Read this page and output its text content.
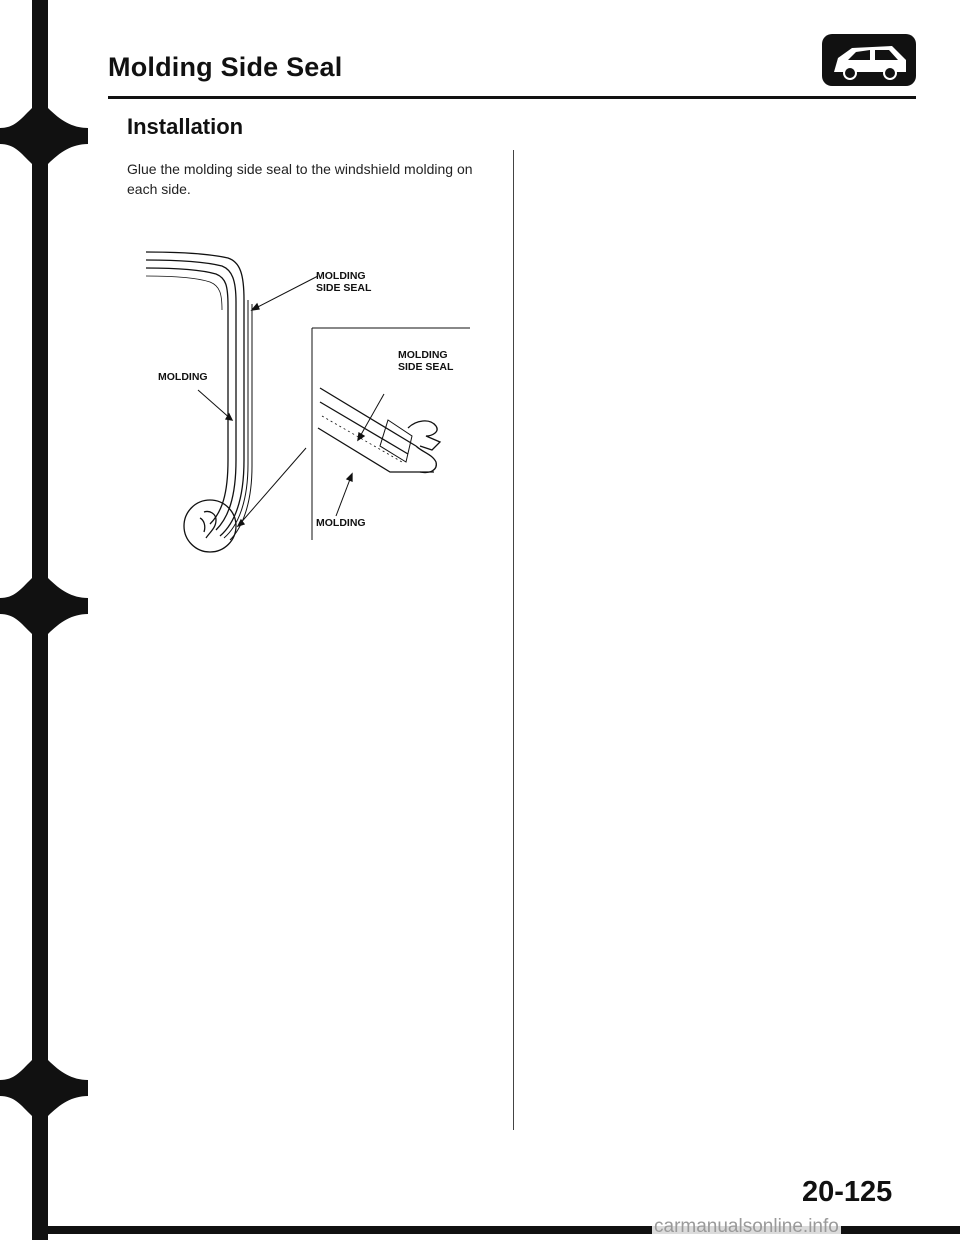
Molding Side Seal
Installation
Glue the molding side seal to the windshield molding on each side.
MOLDING
SIDE SEAL
MOLDING
MOLDING
SIDE SEAL
MOLDING
20-125
carmanualsonline.info
